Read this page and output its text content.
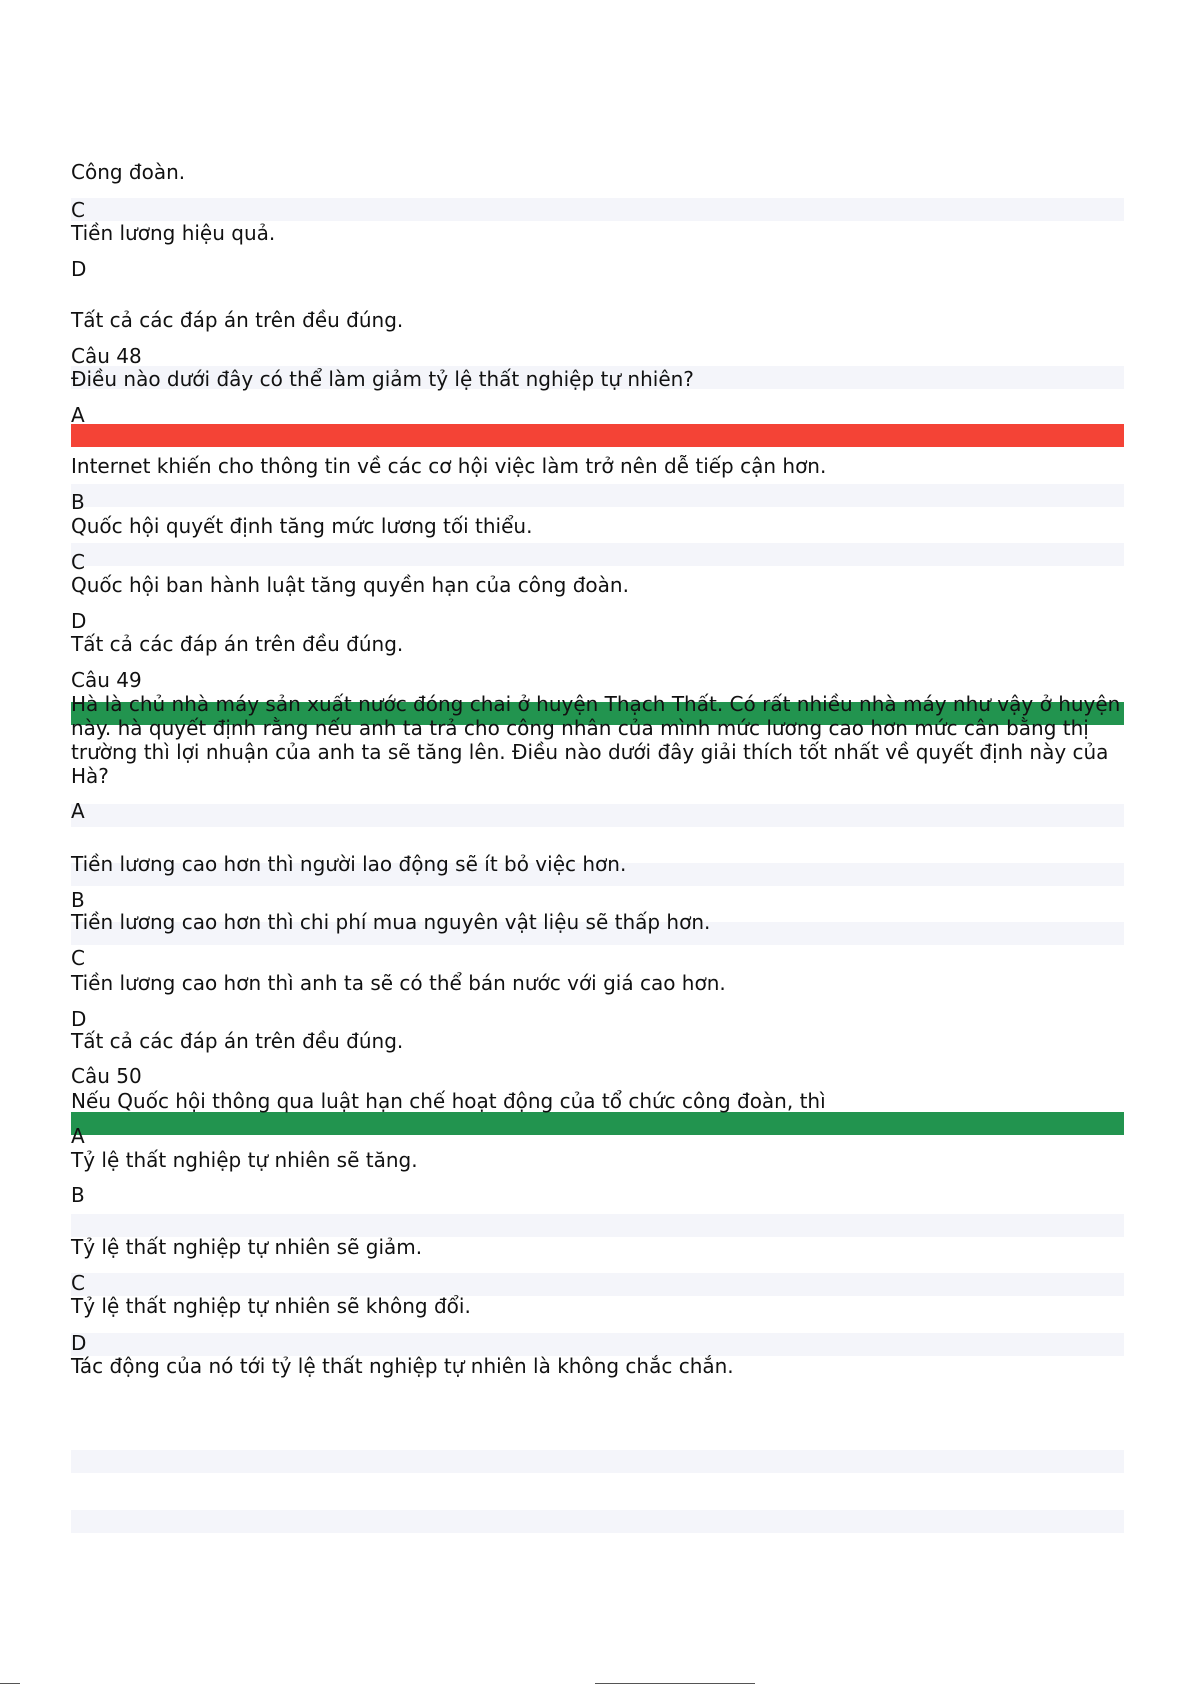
Công đoàn.

C

Tiền lương hiệu quả.

D

Tất cả các đáp án trên đều đúng.

Câu 48

Điều nào dưới đây có thể làm giảm tỷ lệ thất nghiệp tự nhiên?

A

Internet khiến cho thông tin về các cơ hội việc làm trở nên dễ tiếp cận hơn.

B

Quốc hội quyết định tăng mức lương tối thiểu.

C

Quốc hội ban hành luật tăng quyền hạn của công đoàn.

D

Tất cả các đáp án trên đều đúng.

Câu 49

Hà là chủ nhà máy sản xuất nước đóng chai ở huyện Thạch Thất. Có rất nhiều nhà máy như vậy ở huyện này. hà quyết định rằng nếu anh ta trả cho công nhân của mình mức lương cao hơn mức cân bằng thị trường thì lợi nhuận của anh ta sẽ tăng lên. Điều nào dưới đây giải thích tốt nhất về quyết định này của Hà?

A

Tiền lương cao hơn thì người lao động sẽ ít bỏ việc hơn.

B

Tiền lương cao hơn thì chi phí mua nguyên vật liệu sẽ thấp hơn.

C

Tiền lương cao hơn thì anh ta sẽ có thể bán nước với giá cao hơn.

D

Tất cả các đáp án trên đều đúng.

Câu 50

Nếu Quốc hội thông qua luật hạn chế hoạt động của tổ chức công đoàn, thì

A

Tỷ lệ thất nghiệp tự nhiên sẽ tăng.

B

Tỷ lệ thất nghiệp tự nhiên sẽ giảm.

C

Tỷ lệ thất nghiệp tự nhiên sẽ không đổi.

D

Tác động của nó tới tỷ lệ thất nghiệp tự nhiên là không chắc chắn.
